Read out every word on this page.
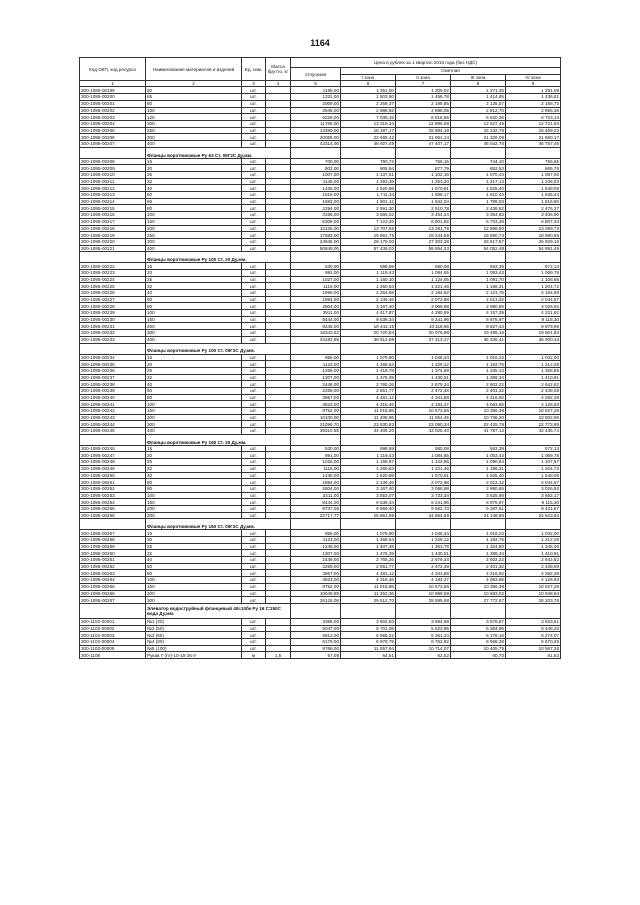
1164
Код ОКП, код ресурса	Наименование материалов и изделий	Ед. изм.	Масса брутто, кг	Цена в рублях за 1 квартал 2016 года (без НДС)				
				отпускная	Сметная			
					I зона	II зона	III зона	IV зона
1	2	3	4	5	6	7	8	9
300-1095-00199	50	шт.		1196,00	1 351,00	1 309,02	1 271,35	1 291,09
300-1095-00200	65	шт.		1331,00	1 503,50	1 456,78	1 414,85	1 436,81
300-1095-00201	80	шт.		2009,00	2 269,37	2 198,85	2 135,57	2 168,72
300-1095-00202	100	шт.		2646,00	2 988,92	2 896,05	2 812,70	2 856,36
300-1095-00203	125	шт.		6228,00	7 035,15	6 816,55	6 620,36	6 723,13
300-1095-00204	200	шт.		11765,00	13 319,34	12 896,68	12 527,45	12 721,93
300-1095-00205	250	шт.		14350,00	16 187,17	15 684,18	15 232,79	15 469,23
300-1095-00206	300	шт.		20065,00	22 665,42	21 961,14	21 329,09	21 660,17
300-1095-00207	400	шт.		43314,00	48 927,49	47 407,17	46 042,76	46 757,46
	Фланцы воротниковые Ру 63 Ст. 09Г2С Ду,мм.							
300-1095-00208	15	шт.		700,00	790,72	766,15	744,10	755,65
300-1095-00209	20	шт.		802,00	905,94	877,79	852,53	865,76
300-1095-00210	25	шт.		1007,00	1 137,51	1 102,16	1 070,44	1 087,06
300-1095-00211	32	шт.		1145,00	1 293,39	1 253,20	1 217,13	1 236,03
300-1095-00212	40	шт.		1435,00	1 620,98	1 570,61	1 525,40	1 549,08
300-1095-00213	50	шт.		1515,00	1 711,34	1 658,17	1 610,44	1 635,44
300-1095-00214	65	шт.		1683,00	1 901,12	1 842,04	1 789,03	1 816,80
300-1095-00215	80	шт.		2294,00	2 591,30	2 510,78	2 438,52	2 476,37
300-1095-00216	100	шт.		3156,00	3 565,02	3 454,24	3 354,83	3 406,90
300-1095-00217	150	шт.		6306,00	7 123,26	6 901,92	6 703,28	6 807,33
300-1095-00218	200	шт.		12135,00	13 707,68	13 281,76	12 899,50	13 099,73
300-1095-00219	250	шт.		17583,00	19 861,75	19 244,59	18 690,73	18 980,85
300-1095-00220	300	шт.		24946,00	28 179,00	27 303,38	26 517,57	26 929,16
300-1095-00221	400	шт.		50849,00	57 439,03	55 654,23	54 052,48	54 891,49
	Фланцы воротниковые Ру 100 Ст. 20 Ду,мм.							
300-1095-00222	15	шт.		530,00	598,69	580,08	563,39	572,13
300-1095-00223	20	шт.		991,00	1 119,43	1 084,65	1 053,43	1 069,78
300-1095-00224	25	шт.		1027,00	1 160,10	1 124,05	1 091,70	1 108,65
300-1095-00225	32	шт.		1116,00	1 260,63	1 221,46	1 186,31	1 204,72
300-1095-00226	40	шт.		1996,00	2 254,68	2 184,62	2 121,75	2 154,68
300-1095-00227	50	шт.		1894,00	2 139,46	2 072,98	2 013,32	2 044,57
300-1095-00228	80	шт.		2804,00	3 167,40	3 068,98	2 980,65	3 026,92
300-1095-00229	100	шт.		3911,00	4 417,87	4 280,59	4 157,39	4 221,92
300-1095-00230	150	шт.		8444,00	9 538,34	9 241,96	8 975,97	9 115,30
300-1095-00231	200	шт.		9245,00	10 443,15	10 118,65	9 827,43	9 979,98
300-1095-00232	300	шт.		18343,52	20 720,84	20 076,98	19 499,16	19 801,83
300-1095-00233	400	шт.		34182,89	38 612,99	37 413,17	36 336,41	36 900,43
	Фланцы воротниковые Ру 100 Ст. 09Г2С Ду,мм.							
300-1095-00234	15	шт.		956,00	1 079,90	1 046,34	1 016,23	1 032,00
300-1095-00235	20	шт.		1123,00	1 268,54	1 229,12	1 193,75	1 212,28
300-1095-00236	25	шт.		1256,00	1 418,78	1 374,69	1 335,13	1 355,85
300-1095-00237	32	шт.		1307,00	1 476,39	1 430,51	1 389,34	1 410,91
300-1095-00238	40	шт.		2448,00	2 765,26	2 679,34	2 602,22	2 642,62
300-1095-00239	50	шт.		2259,00	2 551,77	2 472,48	2 401,32	2 438,59
300-1095-00240	80	шт.		3967,00	4 481,12	4 341,88	4 216,92	4 282,38
300-1095-00241	100	шт.		3823,00	4 318,46	4 184,27	4 063,85	4 126,93
300-1095-00242	150	шт.		9752,00	11 015,86	10 673,56	10 366,38	10 527,28
300-1095-00243	200	шт.		10100,00	11 408,96	11 054,45	10 736,30	10 902,95
300-1095-00244	300	шт.		21096,70	23 830,83	23 090,34	22 425,79	22 773,89
300-1095-00245	400	шт.		39310,58	44 405,20	43 025,40	41 787,12	42 435,74
	Фланцы воротниковые Ру 160 Ст. 20 Ду,мм.							
300-1095-00246	15	шт.		530,00	598,69	580,08	563,39	572,13
300-1095-00247	20	шт.		991,00	1 119,43	1 084,65	1 053,43	1 069,78
300-1095-00248	25	шт.		1026,00	1 158,97	1 122,96	1 090,64	1 107,57
300-1095-00249	32	шт.		1116,00	1 260,63	1 221,46	1 186,31	1 204,72
300-1095-00250	40	шт.		1435,00	1 620,98	1 570,61	1 525,40	1 549,08
300-1095-00251	50	шт.		1894,00	2 139,46	2 072,98	2 013,32	2 044,57
300-1095-00252	80	шт.		2804,00	3 167,40	3 068,98	2 980,65	3 026,92
300-1095-00253	100	шт.		3411,00	3 853,07	3 733,34	3 625,89	3 682,17
300-1095-00254	150	шт.		8444,00	9 538,34	9 241,96	8 975,97	9 115,30
300-1095-00255	200	шт.		8737,08	9 869,40	9 562,73	9 287,51	9 431,67
300-1095-00256	300	шт.		22717,77	25 661,99	24 864,59	24 148,96	24 523,83
	Фланцы воротниковые Ру 160 Ст. 09Г2С Ду,мм.							
300-1095-00257	15	шт.		956,00	1 079,90	1 046,34	1 016,23	1 032,00
300-1095-00258	20	шт.		1123,00	1 268,54	1 229,12	1 193,75	1 212,28
300-1095-00259	25	шт.		1246,00	1 407,48	1 363,75	1 324,50	1 345,06
300-1095-00260	32	шт.		1307,00	1 476,39	1 430,51	1 389,34	1 410,91
300-1095-00261	40	шт.		2448,00	2 765,26	2 679,34	2 602,22	2 642,62
300-1095-00262	50	шт.		2259,00	2 551,77	2 472,48	2 401,32	2 438,59
300-1095-00263	80	шт.		3967,00	4 481,12	4 341,88	4 216,92	4 282,38
300-1095-00264	100	шт.		3823,00	4 318,46	4 184,27	4 063,85	4 126,93
300-1095-00265	150	шт.		9752,00	11 015,86	10 673,56	10 366,38	10 527,28
300-1095-00266	200	шт.		10049,89	11 352,36	10 999,59	10 683,02	10 848,84
300-1095-00267	300	шт.		26126,08	29 512,70	28 595,68	27 772,67	28 203,76
	Элеватор водоструйный фланцевый 40с10бк Ру 16 t=150С вода Ду,мм.							
300-1102-00001	№1 (40)	шт.		3386,00	3 802,83	3 684,69	3 578,87	3 633,61
300-1102-00002	№2 (50)	шт.		5047,00	5 701,08	5 523,95	5 364,96	5 448,26
300-1102-00003	№3 (65)	шт.		5812,00	6 565,22	6 361,24	6 178,16	6 274,07
300-1102-00004	№4 (80)	шт.		6179,00	6 979,79	6 762,92	6 568,28	6 670,25
300-1102-00005	№5 (100)	шт.		9768,00	11 057,94	10 714,07	10 405,75	10 567,26
300-1108	Рукав Г (IV)-10-16-26-У	м	1,5	57,09	64,51	62,52	60,70	61,63
